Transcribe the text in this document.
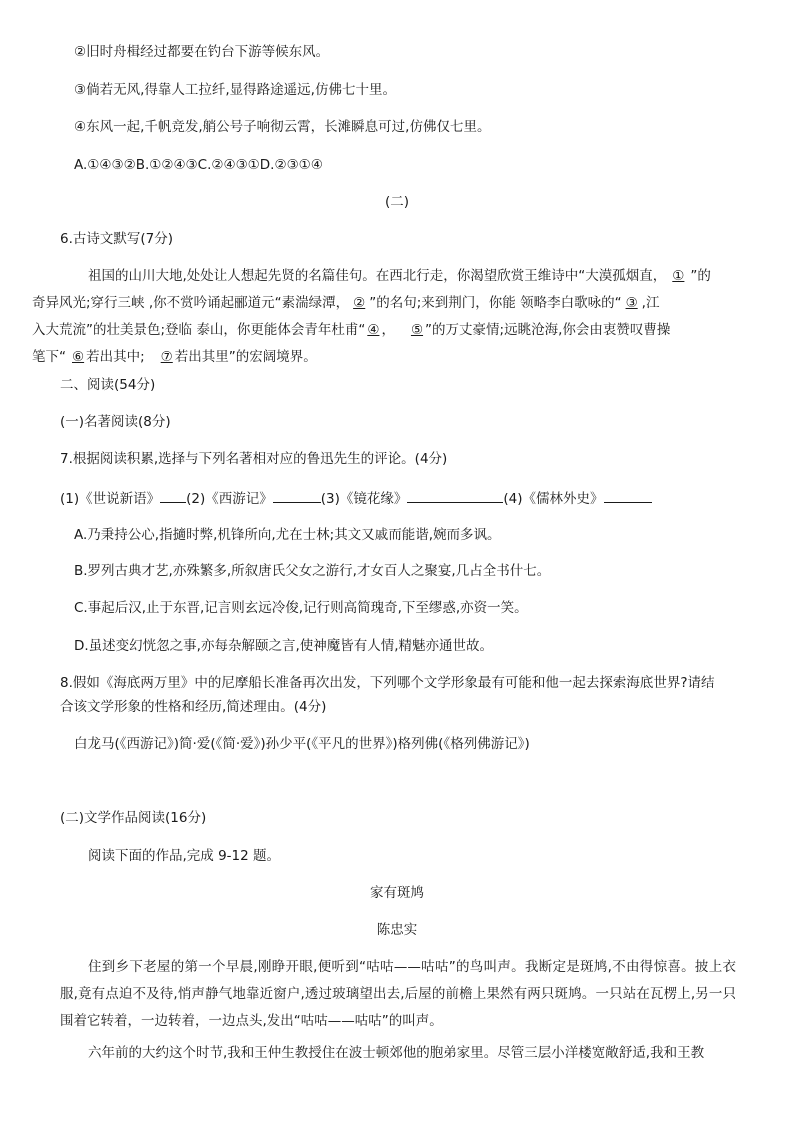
②旧时舟楫经过都要在钓台下游等候东风。
③倘若无风,得靠人工拉纤,显得路途遥远,仿佛七十里。
④东风一起,千帆竞发,艄公号子响彻云霄，长滩瞬息可过,仿佛仅七里。
A.①④③②B.①②④③C.②④③①D.②③①④
(二)
6.古诗文默写(7分)
祖国的山川大地,处处让人想起先贤的名篇佳句。在西北行走，你渴望欣赏王维诗中“大漠孤烟直， ① ”的
奇异风光;穿行三峡 ,你不赏吟诵起郦道元“素湍绿潭， ② ”的名句;来到荆门，你能 领略李白歌咏的“ ③ ,江
入大荒流”的壮美景色;登临 泰山，你更能体会青年杜甫“ ④ ， ⑤ ”的万丈豪情;远眺沧海,你会由衷赞叹曹操
笔下“ ⑥ 若出其中; ⑦ 若出其里”的宏阔境界。
二、阅读(54分)
(一)名著阅读(8分)
7.根据阅读积累,选择与下列名著相对应的鲁迅先生的评论。(4分)
(1)《世说新语》 (2)《西游记》	(3)《镜花缘》	(4)《儒林外史》
A.乃秉持公心,指擿时弊,机锋所向,尤在士林;其文又戚而能谐,婉而多讽。
B.罗列古典才艺,亦殊繁多,所叙唐氏父女之游行,才女百人之聚宴,几占全书什七。
C.事起后汉,止于东晋,记言则玄远冷俊,记行则高简瑰奇,下至缪惑,亦资一笑。
D.虽述变幻恍忽之事,亦每杂解颐之言,使神魔皆有人情,精魅亦通世故。
8.假如《海底两万里》中的尼摩船长准备再次出发，下列哪个文学形象最有可能和他一起去探索海底世界?请结
合该文学形象的性格和经历,简述理由。(4分)
白龙马(《西游记》)简·爱(《简·爱》)孙少平(《平凡的世界》)格列佛(《格列佛游记》)
(二)文学作品阅读(16分)
阅读下面的作品,完成 9-12 题。
家有斑鸠
陈忠实
住到乡下老屋的第一个早晨,刚睁开眼,便听到“咕咕——咕咕”的鸟叫声。我断定是斑鸠,不由得惊喜。披上衣服,竟有点迫不及待,悄声静气地靠近窗户,透过玻璃望出去,后屋的前檐上果然有两只斑鸠。一只站在瓦楞上,另一只围着它转着，一边转着，一边点头,发出“咕咕——咕咕”的叫声。
六年前的大约这个时节,我和王仲生教授住在波士顿郊他的胞弟家里。尽管三层小洋楼宽敞舒适,我和王教
